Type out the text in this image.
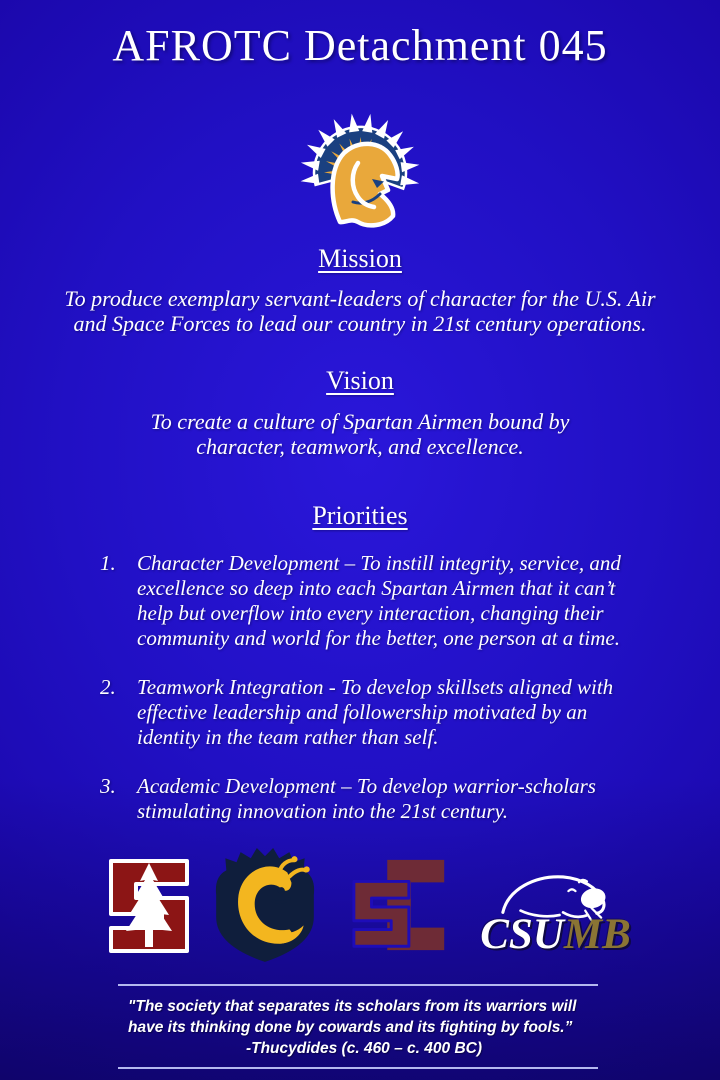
AFROTC Detachment 045
Mission

To produce exemplary servant-leaders of character for the U.S. Air and Space Forces to lead our country in 21st century operations.

Vision

To create a culture of Spartan Airmen bound by character, teamwork, and excellence.

Priorities
1. Character Development – To instill integrity, service, and excellence so deep into each Spartan Airmen that it can’t help but overflow into every interaction, changing their community and world for the better, one person at a time.
2. Teamwork Integration - To develop skillsets aligned with effective leadership and followership motivated by an identity in the team rather than self.
3. Academic Development – To develop warrior-scholars stimulating innovation into the 21st century.
CSUMB

"The society that separates its scholars from its warriors will have its thinking done by cowards and its fighting by fools.”

-Thucydides (c. 460 – c. 400 BC)
